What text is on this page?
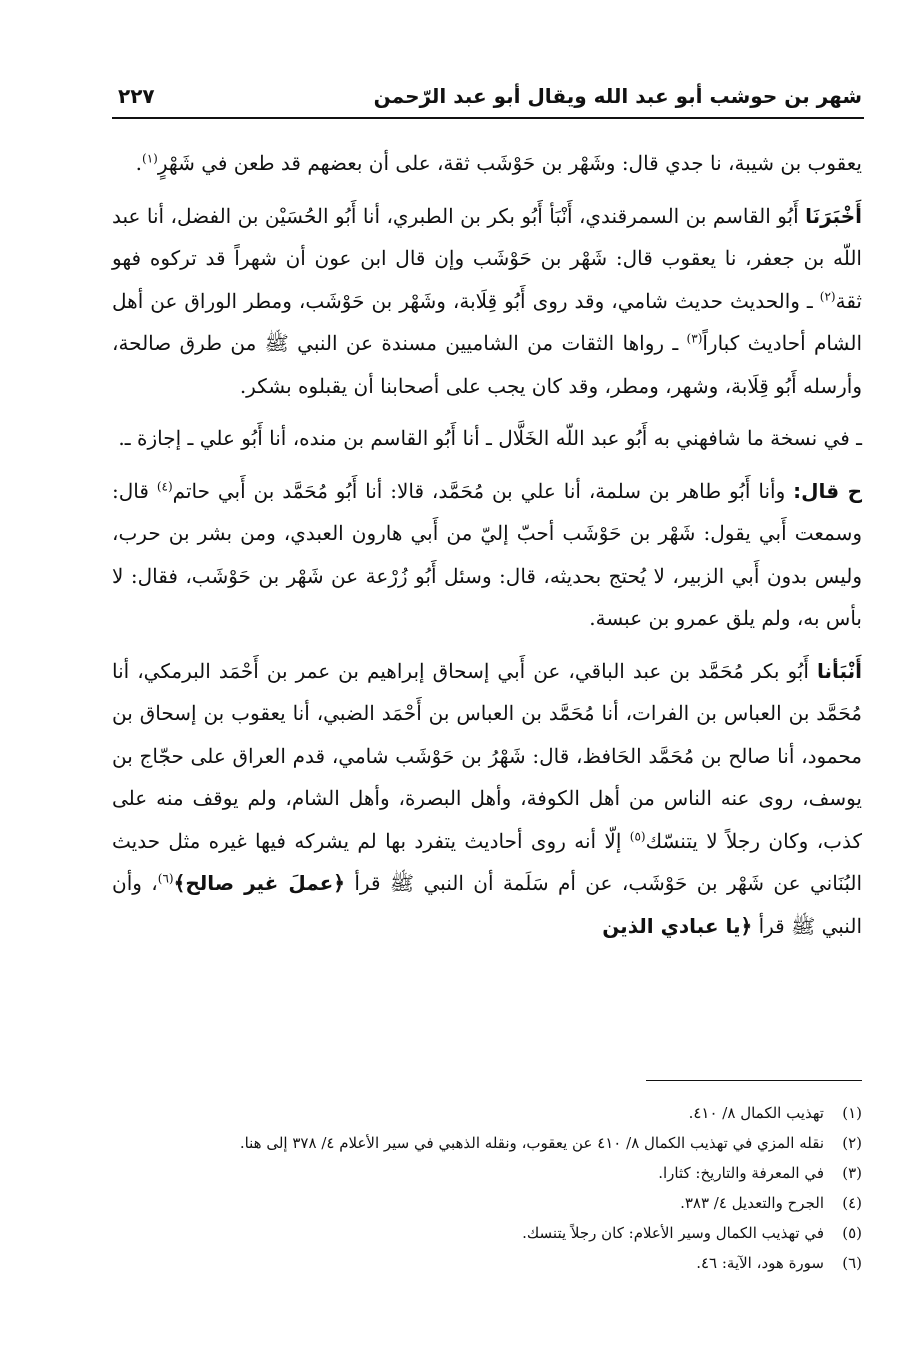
شهر بن حوشب أبو عبد الله ويقال أبو عبد الرّحمن
٢٢٧

يعقوب بن شيبة، نا جدي قال: وشَهْر بن حَوْشَب ثقة، على أن بعضهم قد طعن في شَهْرٍ$^{(١)}$.

أَخْبَرَنَا أَبُو القاسم بن السمرقندي، أَنْبَأ أَبُو بكر بن الطبري، أنا أَبُو الحُسَيْن بن الفضل، أنا عبد اللّه بن جعفر، نا يعقوب قال: شَهْر بن حَوْشَب وإن قال ابن عون أن شهراً قد تركوه فهو ثقة$^{(٢)}$ ـ والحديث حديث شامي، وقد روى أَبُو قِلَابة، وشَهْر بن حَوْشَب، ومطر الوراق عن أهل الشام أحاديث كباراً$^{(٣)}$ ـ رواها الثقات من الشاميين مسندة عن النبي ﷺ من طرق صالحة، وأرسله أَبُو قِلَابة، وشهر، ومطر، وقد كان يجب على أصحابنا أن يقبلوه بشكر.

ـ في نسخة ما شافهني به أَبُو عبد اللّه الخَلَّال ـ أنا أَبُو القاسم بن منده، أنا أَبُو علي ـ إجازة ـ.

ح قال: وأنا أَبُو طاهر بن سلمة، أنا علي بن مُحَمَّد، قالا: أنا أَبُو مُحَمَّد بن أَبي حاتم$^{(٤)}$ قال: وسمعت أَبي يقول: شَهْر بن حَوْشَب أحبّ إليّ من أَبي هارون العبدي، ومن بشر بن حرب، وليس بدون أَبي الزبير، لا يُحتج بحديثه، قال: وسئل أَبُو زُرْعة عن شَهْر بن حَوْشَب، فقال: لا بأس به، ولم يلق عمرو بن عبسة.

أَنْبَأنا أَبُو بكر مُحَمَّد بن عبد الباقي، عن أَبي إسحاق إبراهيم بن عمر بن أَحْمَد البرمكي، أنا مُحَمَّد بن العباس بن الفرات، أنا مُحَمَّد بن العباس بن أَحْمَد الضبي، أنا يعقوب بن إسحاق بن محمود، أنا صالح بن مُحَمَّد الحَافظ، قال: شَهْرُ بن حَوْشَب شامي، قدم العراق على حجّاج بن يوسف، روى عنه الناس من أهل الكوفة، وأهل البصرة، وأهل الشام، ولم يوقف منه على كذب، وكان رجلاً لا يتنسّك$^{(٥)}$ إلّا أنه روى أحاديث يتفرد بها لم يشركه فيها غيره مثل حديث البُنَاني عن شَهْر بن حَوْشَب، عن أم سَلَمة أن النبي ﷺ قرأ ﴿عملَ غير صالح﴾$^{(٦)}$، وأن النبي ﷺ قرأ ﴿يا عبادي الذين

(١)
تهذيب الكمال ٨/ ٤١٠.
(٢)
نقله المزي في تهذيب الكمال ٨/ ٤١٠ عن يعقوب، ونقله الذهبي في سير الأعلام ٤/ ٣٧٨ إلى هنا.
(٣)
في المعرفة والتاريخ: كثارا.
(٤)
الجرح والتعديل ٤/ ٣٨٣.
(٥)
في تهذيب الكمال وسير الأعلام: كان رجلاً يتنسك.
(٦)
سورة هود، الآية: ٤٦.
